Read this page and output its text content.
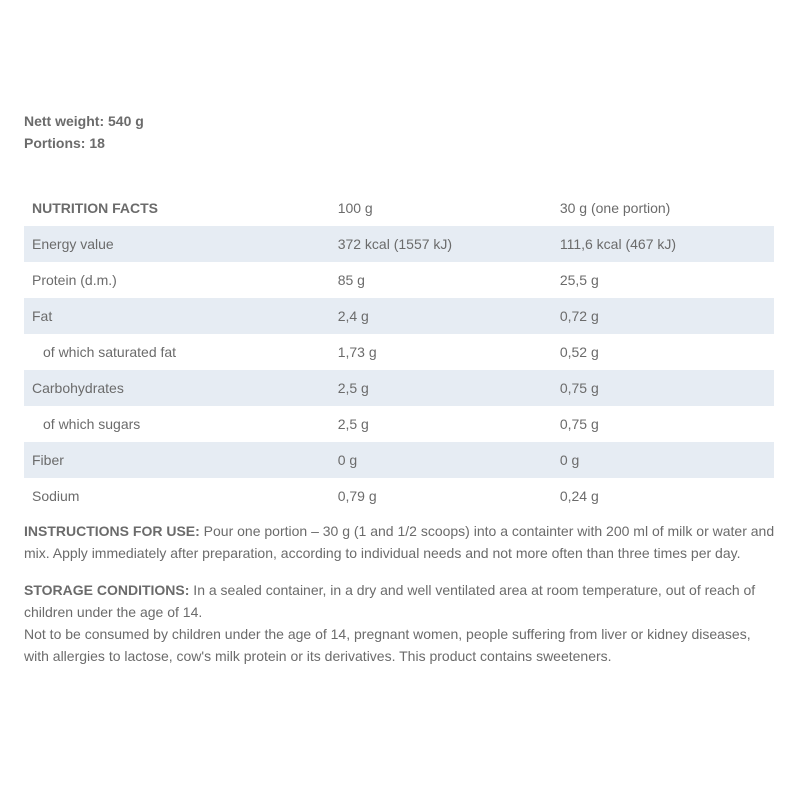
Nett weight: 540 g
Portions: 18
NUTRITION FACTS	100 g	30 g (one portion)
Energy value	372 kcal (1557 kJ)	111,6 kcal (467 kJ)
Protein (d.m.)	85 g	25,5 g
Fat	2,4 g	0,72 g
of which saturated fat	1,73 g	0,52 g
Carbohydrates	2,5 g	0,75 g
of which sugars	2,5 g	0,75 g
Fiber	0 g	0 g
Sodium	0,79 g	0,24 g

INSTRUCTIONS FOR USE: Pour one portion – 30 g (1 and 1/2 scoops) into a containter with 200 ml of milk or water and mix. Apply immediately after preparation, according to individual needs and not more often than three times per day.

STORAGE CONDITIONS: In a sealed container, in a dry and well ventilated area at room temperature, out of reach of children under the age of 14.

Not to be consumed by children under the age of 14, pregnant women, people suffering from liver or kidney diseases, with allergies to lactose, cow's milk protein or its derivatives. This product contains sweeteners.
